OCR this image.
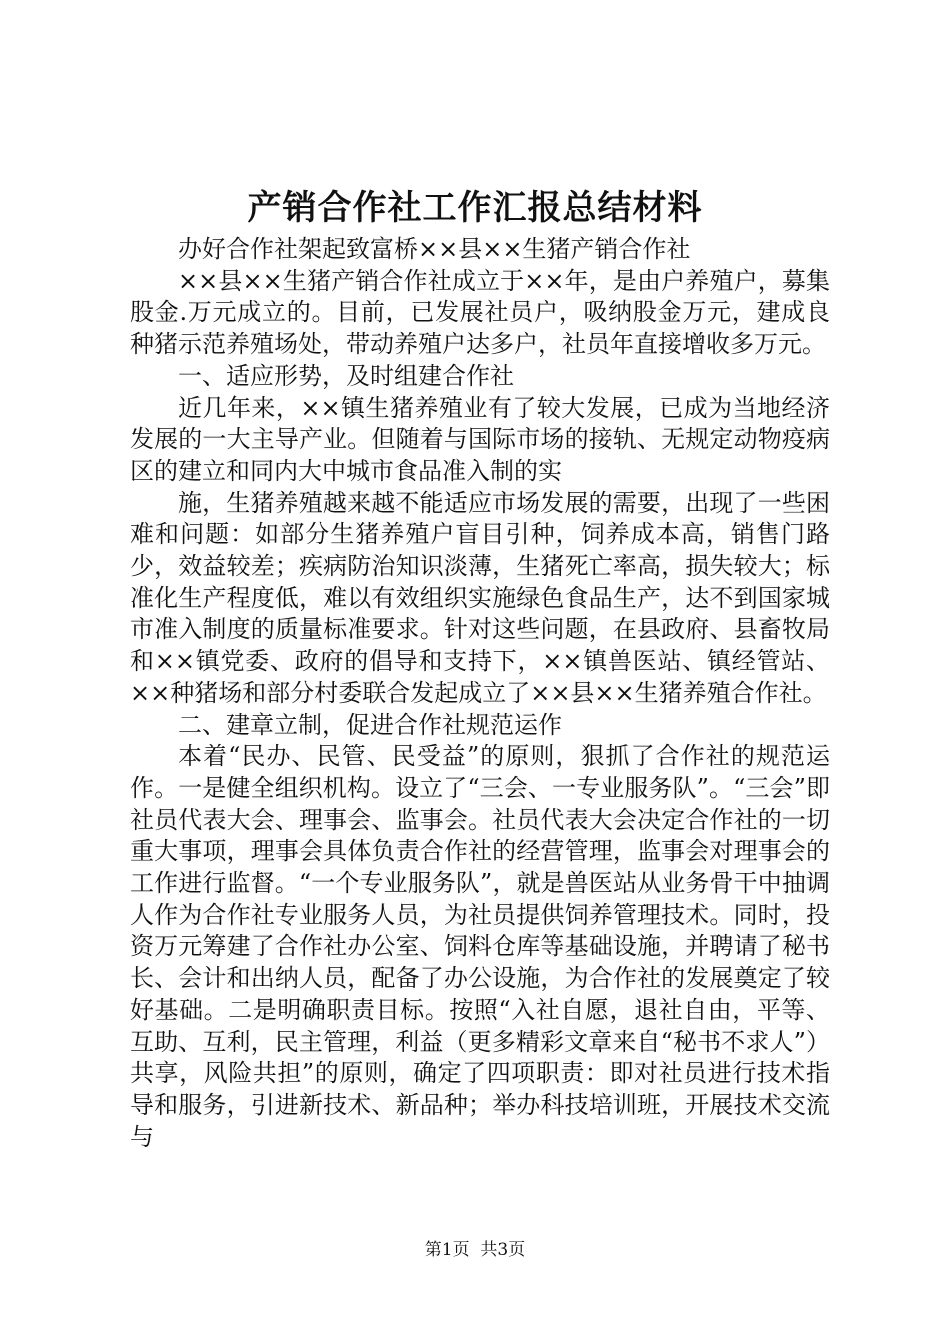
产销合作社工作汇报总结材料

办好合作社架起致富桥××县××生猪产销合作社

××县××生猪产销合作社成立于××年，是由户养殖户，募集股金.万元成立的。目前，已发展社员户，吸纳股金万元，建成良种猪示范养殖场处，带动养殖户达多户，社员年直接增收多万元。

一、适应形势，及时组建合作社

近几年来，××镇生猪养殖业有了较大发展，已成为当地经济发展的一大主导产业。但随着与国际市场的接轨、无规定动物疫病区的建立和同内大中城市食品准入制的实

施，生猪养殖越来越不能适应市场发展的需要，出现了一些困难和问题：如部分生猪养殖户盲目引种，饲养成本高，销售门路少，效益较差；疾病防治知识淡薄，生猪死亡率高，损失较大；标准化生产程度低，难以有效组织实施绿色食品生产，达不到国家城市准入制度的质量标准要求。针对这些问题，在县政府、县畜牧局和××镇党委、政府的倡导和支持下，××镇兽医站、镇经管站、××种猪场和部分村委联合发起成立了××县××生猪养殖合作社。

二、建章立制，促进合作社规范运作

本着“民办、民管、民受益”的原则，狠抓了合作社的规范运作。一是健全组织机构。设立了“三会、一专业服务队”。“三会”即社员代表大会、理事会、监事会。社员代表大会决定合作社的一切重大事项，理事会具体负责合作社的经营管理，监事会对理事会的工作进行监督。“一个专业服务队”，就是兽医站从业务骨干中抽调人作为合作社专业服务人员，为社员提供饲养管理技术。同时，投资万元筹建了合作社办公室、饲料仓库等基础设施，并聘请了秘书长、会计和出纳人员，配备了办公设施，为合作社的发展奠定了较好基础。二是明确职责目标。按照“入社自愿，退社自由，平等、互助、互利，民主管理，利益（更多精彩文章来自“秘书不求人”）共享，风险共担”的原则，确定了四项职责：即对社员进行技术指导和服务，引进新技术、新品种；举办科技培训班，开展技术交流与

第1页 共3页
